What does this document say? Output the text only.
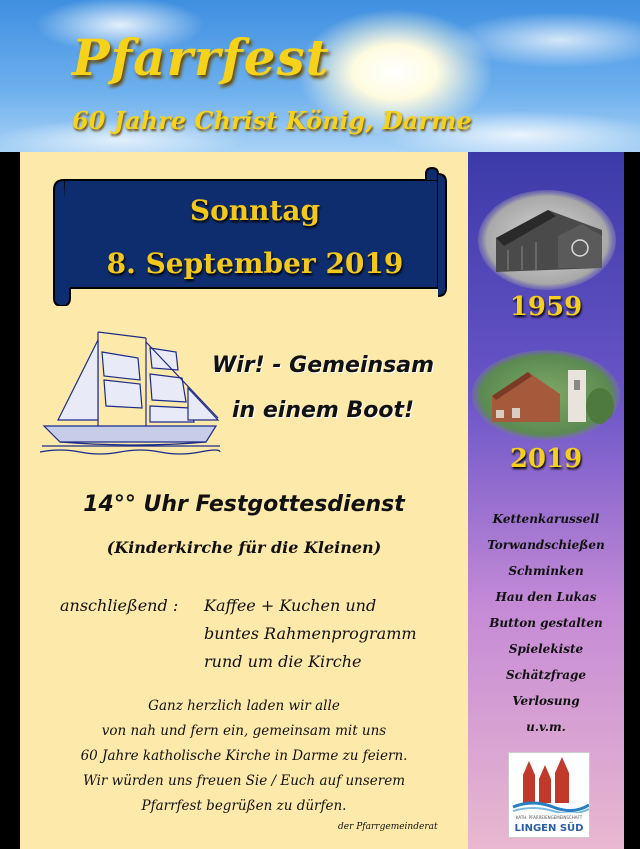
Pfarrfest
60 Jahre Christ König, Darme
Sonntag
8. September 2019
Wir! - Gemeinsam
in einem Boot!
14°° Uhr Festgottesdienst
(Kinderkirche für die Kleinen)
anschließend : Kaffee + Kuchen und
buntes Rahmenprogramm
rund um die Kirche
Ganz herzlich laden wir alle
von nah und fern ein, gemeinsam mit uns
60 Jahre katholische Kirche in Darme zu feiern.
Wir würden uns freuen Sie / Euch auf unserem
Pfarrfest begrüßen zu dürfen.
der Pfarrgemeinderat
1959
2019
Kettenkarussell
Torwandschießen
Schminken
Hau den Lukas
Button gestalten
Spielekiste
Schätzfrage
Verlosung
u.v.m.
KATH. PFARREIENGEMEINSCHAFT
LINGEN SÜD
